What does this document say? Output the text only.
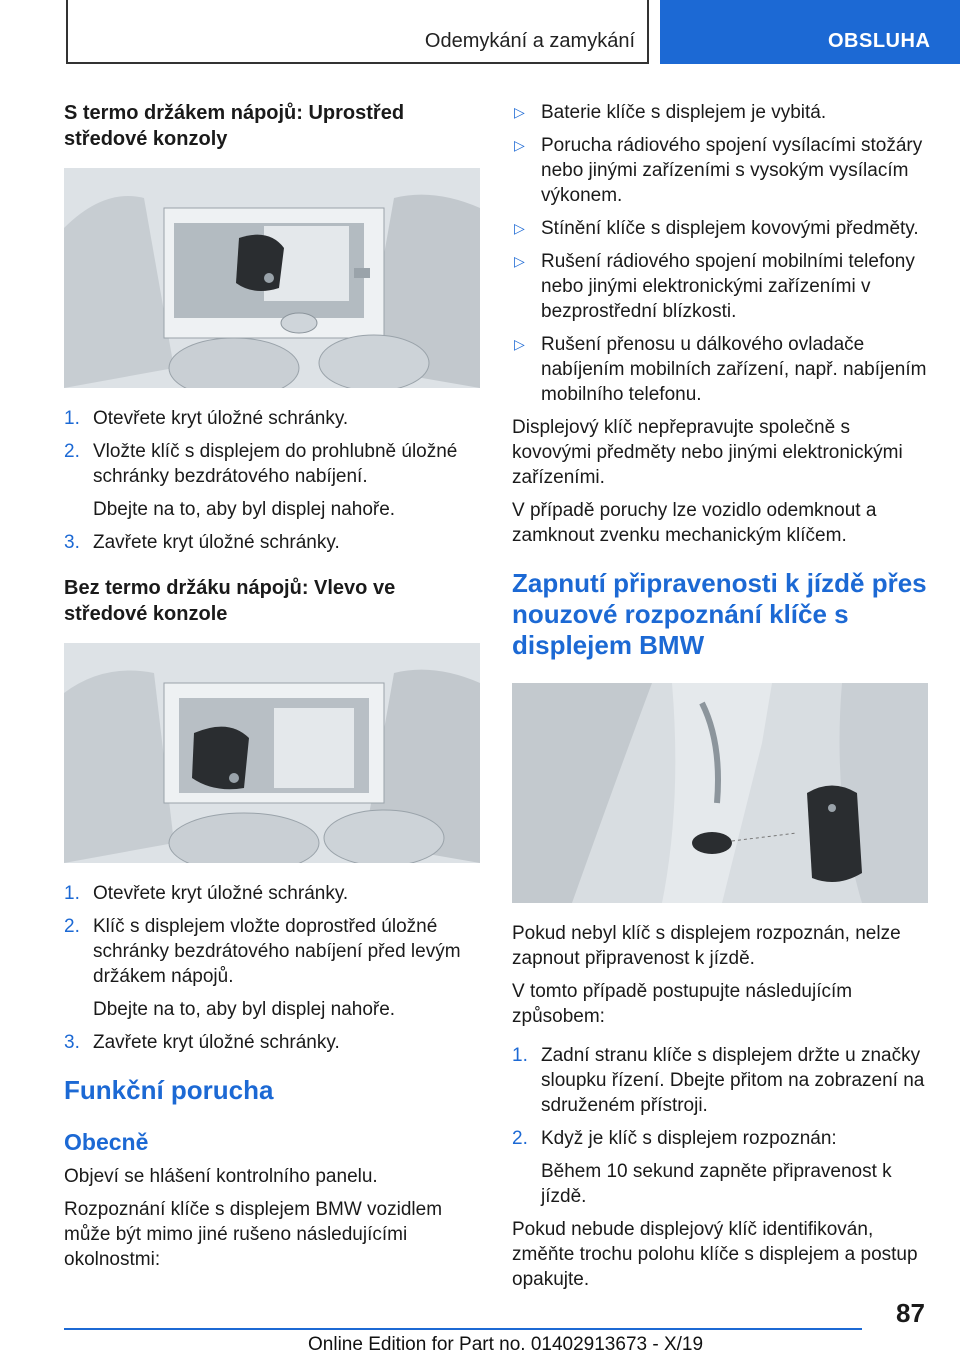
Odemykání a zamykání	OBSLUHA
S termo držákem nápojů: Uprostřed středové konzoly
1. Otevřete kryt úložné schránky.
2. Vložte klíč s displejem do prohlubně úložné schránky bezdrátového nabíjení.
Dbejte na to, aby byl displej nahoře.
3. Zavřete kryt úložné schránky.
Bez termo držáku nápojů: Vlevo ve středové konzole
1. Otevřete kryt úložné schránky.
2. Klíč s displejem vložte doprostřed úložné schránky bezdrátového nabíjení před levým držákem nápojů.
Dbejte na to, aby byl displej nahoře.
3. Zavřete kryt úložné schránky.
Funkční porucha
Obecně

Objeví se hlášení kontrolního panelu.

Rozpoznání klíče s displejem BMW vozidlem může být mimo jiné rušeno následujícími okolnostmi:

▷ Baterie klíče s displejem je vybitá.
▷ Porucha rádiového spojení vysílacími stožáry nebo jinými zařízeními s vysokým vysílacím výkonem.
▷ Stínění klíče s displejem kovovými předměty.
▷ Rušení rádiového spojení mobilními telefony nebo jinými elektronickými zařízeními v bezprostřední blízkosti.
▷ Rušení přenosu u dálkového ovladače nabíjením mobilních zařízení, např. nabíjením mobilního telefonu.

Displejový klíč nepřepravujte společně s kovovými předměty nebo jinými elektronickými zařízeními.

V případě poruchy lze vozidlo odemknout a zamknout zvenku mechanickým klíčem.

Zapnutí připravenosti k jízdě přes nouzové rozpoznání klíče s displejem BMW

Pokud nebyl klíč s displejem rozpoznán, nelze zapnout připravenost k jízdě.

V tomto případě postupujte následujícím způsobem:

1. Zadní stranu klíče s displejem držte u značky sloupku řízení. Dbejte přitom na zobrazení na sdruženém přístroji.
2. Když je klíč s displejem rozpoznán:
Během 10 sekund zapněte připravenost k jízdě.

Pokud nebude displejový klíč identifikován, změňte trochu polohu klíče s displejem a postup opakujte.

87
Online Edition for Part no. 01402913673 - X/19
